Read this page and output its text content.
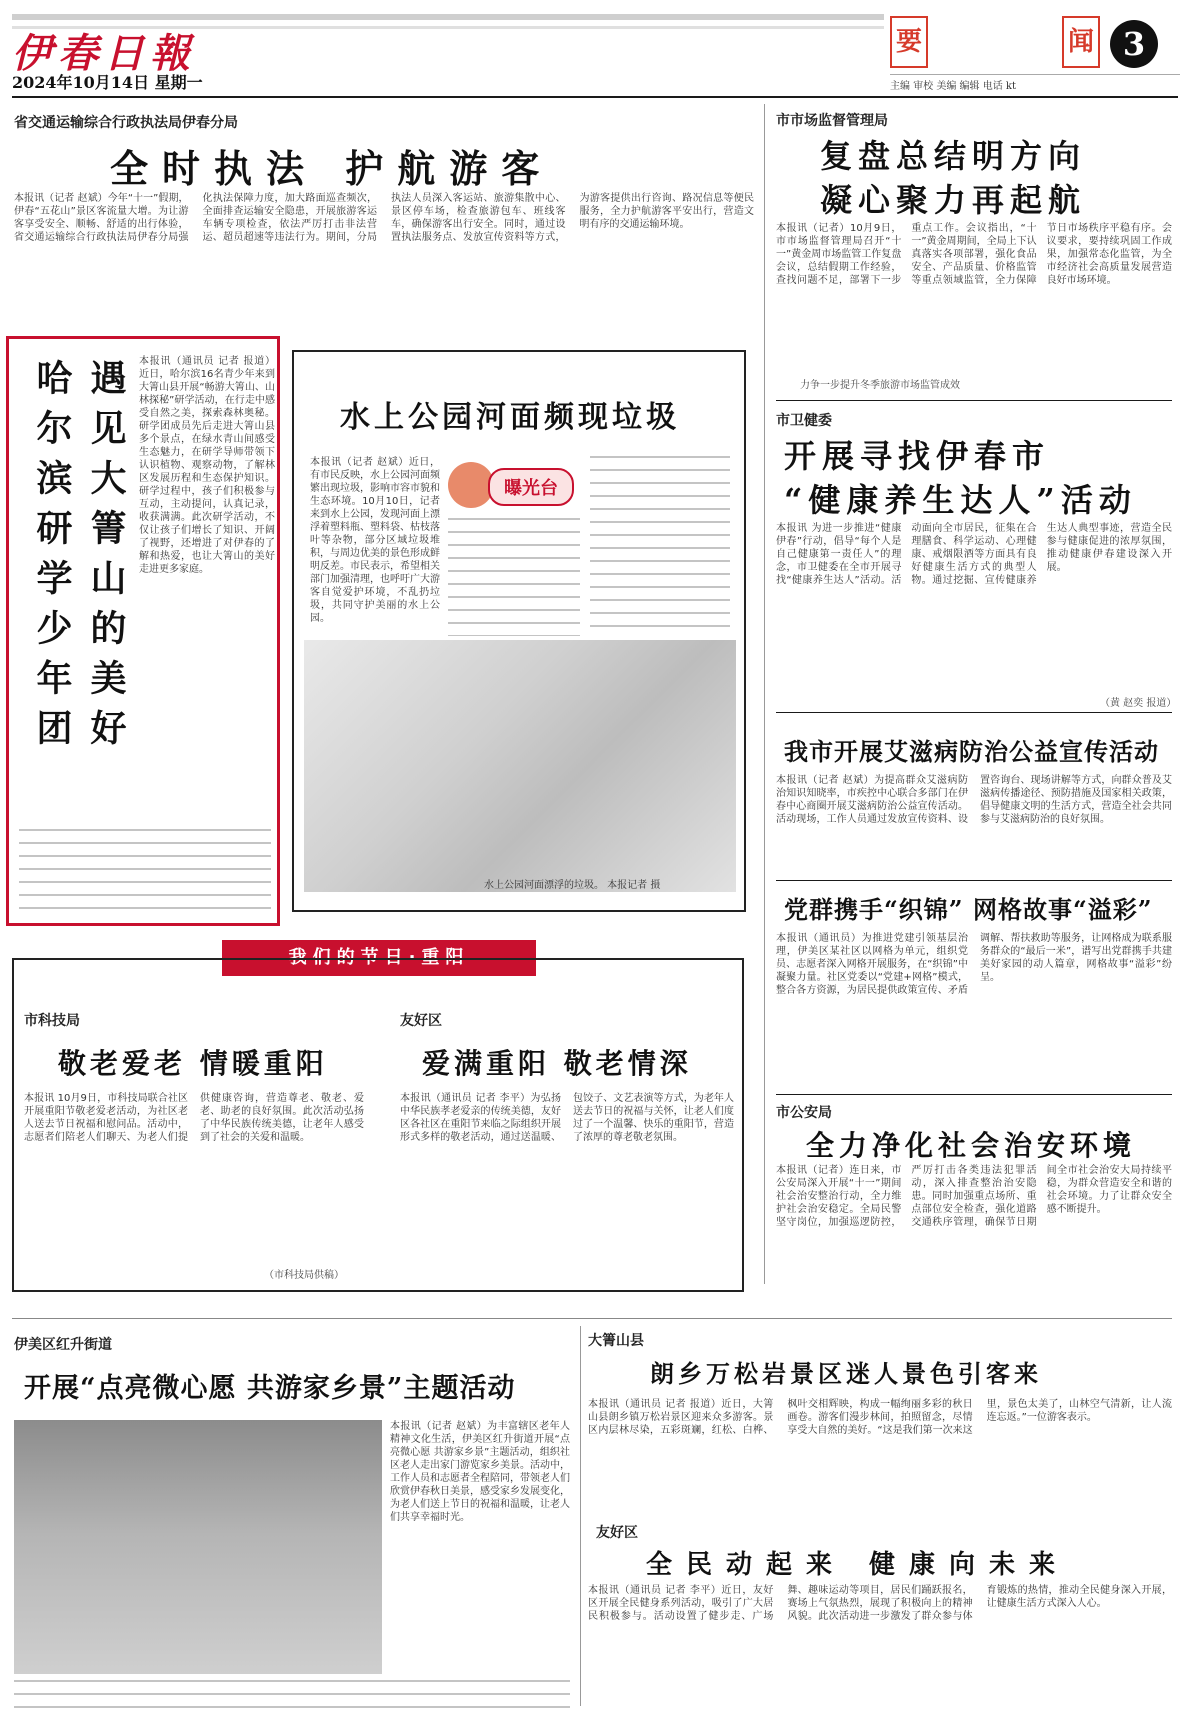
伊春日報
2024年10月14日 星期一
要	闻 3
主编 审校 美编 编辑 电话 kt
省交通运输综合行政执法局伊春分局
全时执法 护航游客
本报讯（记者 赵斌）今年“十一”假期，伊春“五花山”景区客流量大增。为让游客享受安全、顺畅、舒适的出行体验，省交通运输综合行政执法局伊春分局强化执法保障力度，加大路面巡查频次，全面排查运输安全隐患，开展旅游客运车辆专项检查，依法严厉打击非法营运、超员超速等违法行为。期间，分局执法人员深入客运站、旅游集散中心、景区停车场，检查旅游包车、班线客车，确保游客出行安全。同时，通过设置执法服务点、发放宣传资料等方式，为游客提供出行咨询、路况信息等便民服务，全力护航游客平安出行，营造文明有序的交通运输环境。
遇见大箐山的美好 哈尔滨研学少年团	本报讯（通讯员 记者 报道）近日，哈尔滨16名青少年来到大箐山县开展“畅游大箐山、山林探秘”研学活动，在行走中感受自然之美，探索森林奥秘。研学团成员先后走进大箐山县多个景点，在绿水青山间感受生态魅力，在研学导师带领下认识植物、观察动物，了解林区发展历程和生态保护知识。研学过程中，孩子们积极参与互动，主动提问，认真记录，收获满满。此次研学活动，不仅让孩子们增长了知识、开阔了视野，还增进了对伊春的了解和热爱，也让大箐山的美好走进更多家庭。
水上公园河面频现垃圾
曝光台
本报讯（记者 赵斌）近日，有市民反映，水上公园河面频繁出现垃圾，影响市容市貌和生态环境。10月10日，记者来到水上公园，发现河面上漂浮着塑料瓶、塑料袋、枯枝落叶等杂物，部分区域垃圾堆积，与周边优美的景色形成鲜明反差。市民表示，希望相关部门加强清理，也呼吁广大游客自觉爱护环境，不乱扔垃圾，共同守护美丽的水上公园。
水上公园河面漂浮的垃圾。 本报记者 摄
市市场监督管理局
复盘总结明方向
凝心聚力再起航
本报讯（记者）10月9日，市市场监督管理局召开“十一”黄金周市场监管工作复盘会议，总结假期工作经验，查找问题不足，部署下一步重点工作。会议指出，“十一”黄金周期间，全局上下认真落实各项部署，强化食品安全、产品质量、价格监管等重点领域监管，全力保障节日市场秩序平稳有序。会议要求，要持续巩固工作成果，加强常态化监管，为全市经济社会高质量发展营造良好市场环境。
力争一步提升冬季旅游市场监管成效
市卫健委
开展寻找伊春市
“健康养生达人”活动
本报讯 为进一步推进“健康伊春”行动，倡导“每个人是自己健康第一责任人”的理念，市卫健委在全市开展寻找“健康养生达人”活动。活动面向全市居民，征集在合理膳食、科学运动、心理健康、戒烟限酒等方面具有良好健康生活方式的典型人物。通过挖掘、宣传健康养生达人典型事迹，营造全民参与健康促进的浓厚氛围，推动健康伊春建设深入开展。
（黄 赵奕 报道）
我市开展艾滋病防治公益宣传活动
本报讯（记者 赵斌）为提高群众艾滋病防治知识知晓率，市疾控中心联合多部门在伊春中心商圈开展艾滋病防治公益宣传活动。活动现场，工作人员通过发放宣传资料、设置咨询台、现场讲解等方式，向群众普及艾滋病传播途径、预防措施及国家相关政策，倡导健康文明的生活方式，营造全社会共同参与艾滋病防治的良好氛围。
党群携手“织锦” 网格故事“溢彩”
本报讯（通讯员）为推进党建引领基层治理，伊美区某社区以网格为单元，组织党员、志愿者深入网格开展服务，在“织锦”中凝聚力量。社区党委以“党建+网格”模式，整合各方资源，为居民提供政策宣传、矛盾调解、帮扶救助等服务，让网格成为联系服务群众的“最后一米”，谱写出党群携手共建美好家园的动人篇章，网格故事“溢彩”纷呈。
市公安局
全力净化社会治安环境
本报讯（记者）连日来，市公安局深入开展“十一”期间社会治安整治行动，全力维护社会治安稳定。全局民警坚守岗位，加强巡逻防控，严厉打击各类违法犯罪活动，深入排查整治治安隐患。同时加强重点场所、重点部位安全检查，强化道路交通秩序管理，确保节日期间全市社会治安大局持续平稳，为群众营造安全和谐的社会环境。力了让群众安全感不断提升。
我们的节日·重阳
市科技局
敬老爱老 情暖重阳
本报讯 10月9日，市科技局联合社区开展重阳节敬老爱老活动，为社区老人送去节日祝福和慰问品。活动中，志愿者们陪老人们聊天、为老人们提供健康咨询，营造尊老、敬老、爱老、助老的良好氛围。此次活动弘扬了中华民族传统美德，让老年人感受到了社会的关爱和温暖。
（市科技局供稿）
友好区
爱满重阳 敬老情深
本报讯（通讯员 记者 李平）为弘扬中华民族孝老爱亲的传统美德，友好区各社区在重阳节来临之际组织开展形式多样的敬老活动，通过送温暖、包饺子、文艺表演等方式，为老年人送去节日的祝福与关怀，让老人们度过了一个温馨、快乐的重阳节，营造了浓厚的尊老敬老氛围。
伊美区红升街道
开展“点亮微心愿 共游家乡景”主题活动
本报讯（记者 赵斌）为丰富辖区老年人精神文化生活，伊美区红升街道开展“点亮微心愿 共游家乡景”主题活动，组织社区老人走出家门游览家乡美景。活动中，工作人员和志愿者全程陪同，带领老人们欣赏伊春秋日美景，感受家乡发展变化，为老人们送上节日的祝福和温暖，让老人们共享幸福时光。
大箐山县
朗乡万松岩景区迷人景色引客来
本报讯（通讯员 记者 报道）近日，大箐山县朗乡镇万松岩景区迎来众多游客。景区内层林尽染，五彩斑斓，红松、白桦、枫叶交相辉映，构成一幅绚丽多彩的秋日画卷。游客们漫步林间，拍照留念，尽情享受大自然的美好。“这是我们第一次来这里，景色太美了，山林空气清新，让人流连忘返。”一位游客表示。
友好区
全民动起来 健康向未来
本报讯（通讯员 记者 李平）近日，友好区开展全民健身系列活动，吸引了广大居民积极参与。活动设置了健步走、广场舞、趣味运动等项目，居民们踊跃报名，赛场上气氛热烈，展现了积极向上的精神风貌。此次活动进一步激发了群众参与体育锻炼的热情，推动全民健身深入开展，让健康生活方式深入人心。
